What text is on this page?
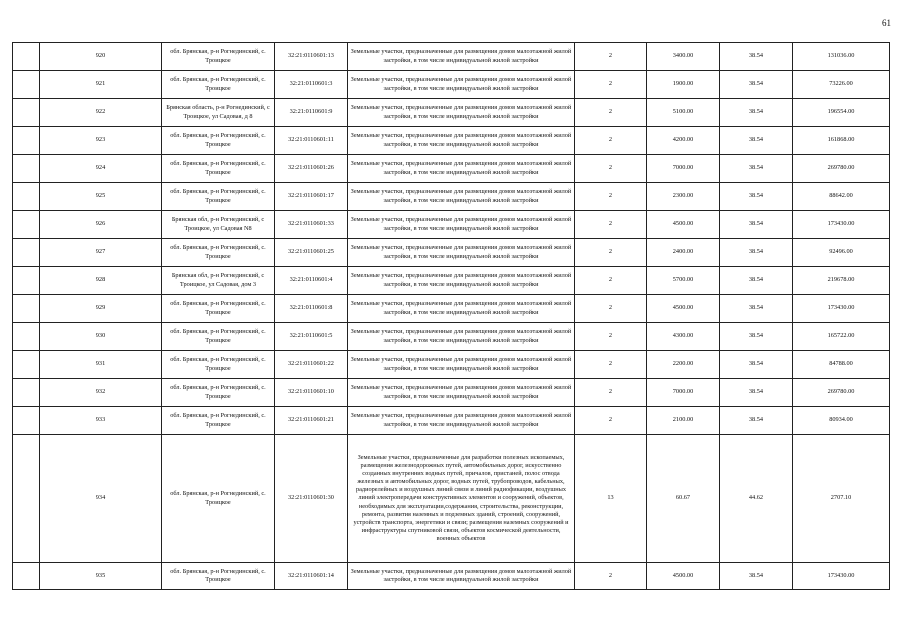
61
	920	обл. Брянская, р-н Рогнединский, с. Троицкое	32:21:0110601:13	Земельные участки, предназначенные для размещения домов малоэтажной жилой застройки, в том числе индивидуальной жилой застройки	2	3400.00	38.54	131036.00
	921	обл. Брянская, р-н Рогнединский, с. Троицкое	32:21:0110601:3	Земельные участки, предназначенные для размещения домов малоэтажной жилой застройки, в том числе индивидуальной жилой застройки	2	1900.00	38.54	73226.00
	922	Брянская область, р-н Рогнединский, с Троицкое, ул Садовая, д 8	32:21:0110601:9	Земельные участки, предназначенные для размещения домов малоэтажной жилой застройки, в том числе индивидуальной жилой застройки	2	5100.00	38.54	196554.00
	923	обл. Брянская, р-н Рогнединский, с. Троицкое	32:21:0110601:11	Земельные участки, предназначенные для размещения домов малоэтажной жилой застройки, в том числе индивидуальной жилой застройки	2	4200.00	38.54	161868.00
	924	обл. Брянская, р-н Рогнединский, с. Троицкое	32:21:0110601:26	Земельные участки, предназначенные для размещения домов малоэтажной жилой застройки, в том числе индивидуальной жилой застройки	2	7000.00	38.54	269780.00
	925	обл. Брянская, р-н Рогнединский, с. Троицкое	32:21:0110601:17	Земельные участки, предназначенные для размещения домов малоэтажной жилой застройки, в том числе индивидуальной жилой застройки	2	2300.00	38.54	88642.00
	926	Брянская обл, р-н Рогнединский, с Троицкое, ул Садовая N8	32:21:0110601:33	Земельные участки, предназначенные для размещения домов малоэтажной жилой застройки, в том числе индивидуальной жилой застройки	2	4500.00	38.54	173430.00
	927	обл. Брянская, р-н Рогнединский, с. Троицкое	32:21:0110601:25	Земельные участки, предназначенные для размещения домов малоэтажной жилой застройки, в том числе индивидуальной жилой застройки	2	2400.00	38.54	92496.00
	928	Брянская обл, р-н Рогнединский, с Троицкое, ул Садовая, дом 3	32:21:0110601:4	Земельные участки, предназначенные для размещения домов малоэтажной жилой застройки, в том числе индивидуальной жилой застройки	2	5700.00	38.54	219678.00
	929	обл. Брянская, р-н Рогнединский, с. Троицкое	32:21:0110601:8	Земельные участки, предназначенные для размещения домов малоэтажной жилой застройки, в том числе индивидуальной жилой застройки	2	4500.00	38.54	173430.00
	930	обл. Брянская, р-н Рогнединский, с. Троицкое	32:21:0110601:5	Земельные участки, предназначенные для размещения домов малоэтажной жилой застройки, в том числе индивидуальной жилой застройки	2	4300.00	38.54	165722.00
	931	обл. Брянская, р-н Рогнединский, с. Троицкое	32:21:0110601:22	Земельные участки, предназначенные для размещения домов малоэтажной жилой застройки, в том числе индивидуальной жилой застройки	2	2200.00	38.54	84788.00
	932	обл. Брянская, р-н Рогнединский, с. Троицкое	32:21:0110601:10	Земельные участки, предназначенные для размещения домов малоэтажной жилой застройки, в том числе индивидуальной жилой застройки	2	7000.00	38.54	269780.00
	933	обл. Брянская, р-н Рогнединский, с. Троицкое	32:21:0110601:21	Земельные участки, предназначенные для размещения домов малоэтажной жилой застройки, в том числе индивидуальной жилой застройки	2	2100.00	38.54	80934.00
	934	обл. Брянская, р-н Рогнединский, с. Троицкое	32:21:0110601:30	Земельные участки, предназначенные для разработки полезных ископаемых, размещения железнодорожных путей, автомобильных дорог, искусственно созданных внутренних водных путей, причалов, пристаней, полос отвода железных и автомобильных дорог, водных путей, трубопроводов, кабельных, радиорелейных и воздушных линий связи и линий радиофикации, воздушных линий электропередачи конструктивных элементов и сооружений, объектов, необходимых для эксплуатации,содержания, строительства, реконструкции, ремонта, развития наземных и подземных зданий, строений, сооружений, устройств транспорта, энергетики и связи; размещения наземных сооружений и инфраструктуры спутниковой связи, объектов космической деятельности, военных объектов	13	60.67	44.62	2707.10
	935	обл. Брянская, р-н Рогнединский, с. Троицкое	32:21:0110601:14	Земельные участки, предназначенные для размещения домов малоэтажной жилой застройки, в том числе индивидуальной жилой застройки	2	4500.00	38.54	173430.00
